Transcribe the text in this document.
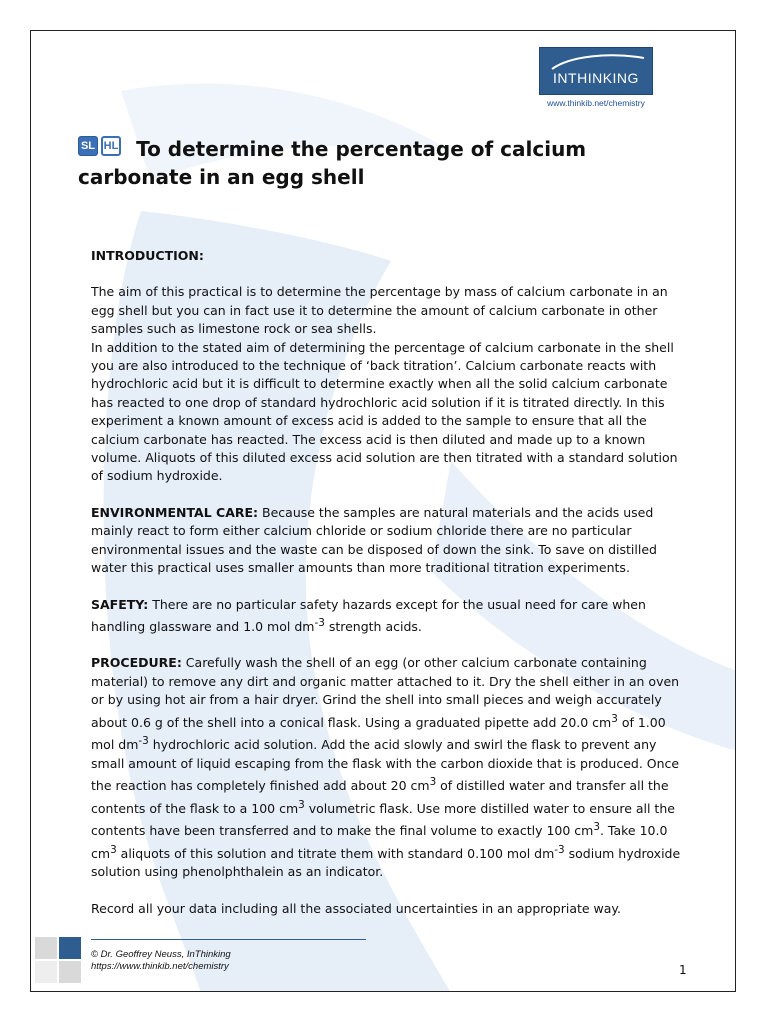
INTHINKING
www.thinkib.net/chemistry
SL HL To determine the percentage of calcium carbonate in an egg shell

INTRODUCTION:

The aim of this practical is to determine the percentage by mass of calcium carbonate in an egg shell but you can in fact use it to determine the amount of calcium carbonate in other samples such as limestone rock or sea shells.

In addition to the stated aim of determining the percentage of calcium carbonate in the shell you are also introduced to the technique of ‘back titration’. Calcium carbonate reacts with hydrochloric acid but it is difficult to determine exactly when all the solid calcium carbonate has reacted to one drop of standard hydrochloric acid solution if it is titrated directly. In this experiment a known amount of excess acid is added to the sample to ensure that all the calcium carbonate has reacted. The excess acid is then diluted and made up to a known volume. Aliquots of this diluted excess acid solution are then titrated with a standard solution of sodium hydroxide.

ENVIRONMENTAL CARE: Because the samples are natural materials and the acids used mainly react to form either calcium chloride or sodium chloride there are no particular environmental issues and the waste can be disposed of down the sink. To save on distilled water this practical uses smaller amounts than more traditional titration experiments.

SAFETY: There are no particular safety hazards except for the usual need for care when handling glassware and 1.0 mol $dm^{-3}$ strength acids.

PROCEDURE: Carefully wash the shell of an egg (or other calcium carbonate containing material) to remove any dirt and organic matter attached to it. Dry the shell either in an oven or by using hot air from a hair dryer. Grind the shell into small pieces and weigh accurately about 0.6 g of the shell into a conical flask. Using a graduated pipette add 20.0 $cm^3$ of 1.00 mol $dm^{-3}$ hydrochloric acid solution. Add the acid slowly and swirl the flask to prevent any small amount of liquid escaping from the flask with the carbon dioxide that is produced. Once the reaction has completely finished add about 20 $cm^3$ of distilled water and transfer all the contents of the flask to a 100 $cm^3$ volumetric flask. Use more distilled water to ensure all the contents have been transferred and to make the final volume to exactly 100 $cm^3$. Take 10.0 $cm^3$ aliquots of this solution and titrate them with standard 0.100 mol $dm^{-3}$ sodium hydroxide solution using phenolphthalein as an indicator.

Record all your data including all the associated uncertainties in an appropriate way.

© Dr. Geoffrey Neuss, InThinking
https://www.thinkib.net/chemistry	1
